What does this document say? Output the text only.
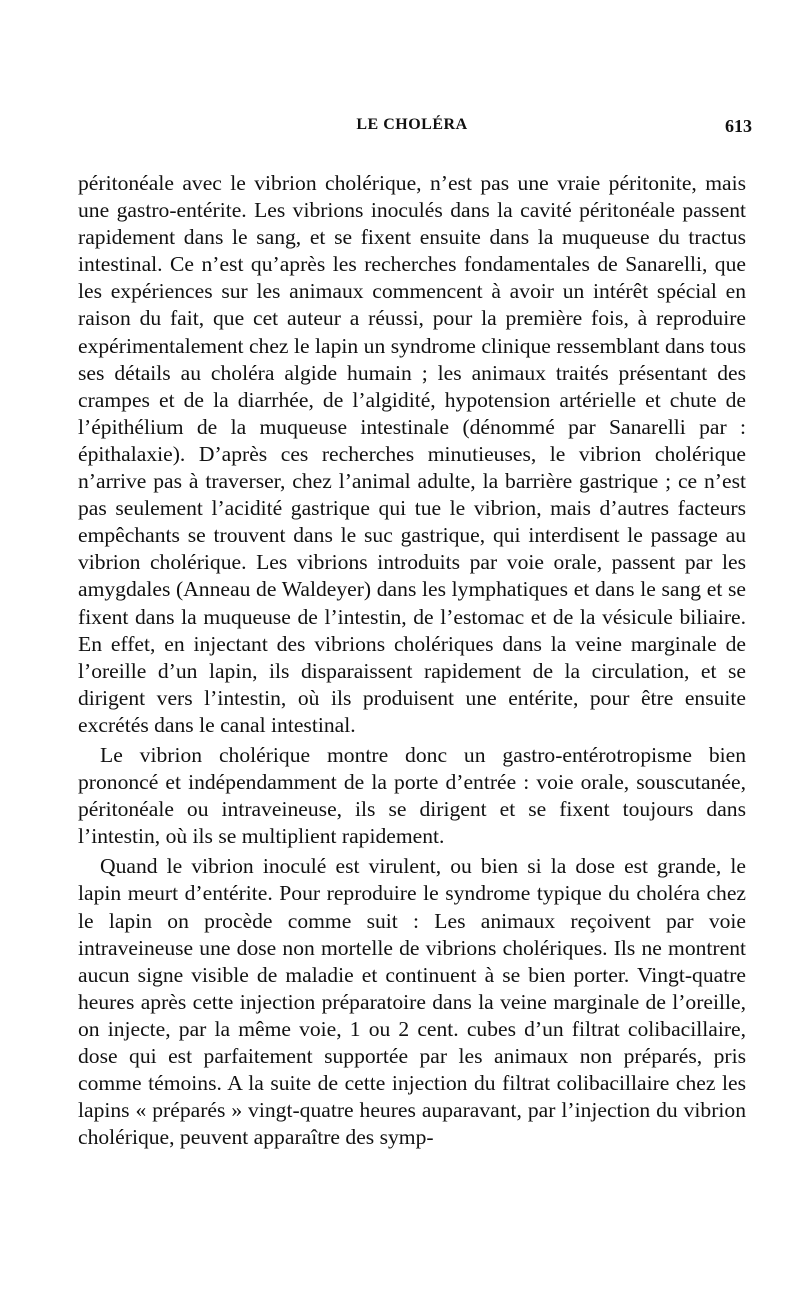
LE CHOLÉRA	613

péritonéale avec le vibrion cholérique, n’est pas une vraie péritonite, mais une gastro-entérite. Les vibrions inoculés dans la cavité péritonéale passent rapidement dans le sang, et se fixent ensuite dans la muqueuse du tractus intestinal. Ce n’est qu’après les recherches fondamentales de Sanarelli, que les expériences sur les animaux commencent à avoir un intérêt spécial en raison du fait, que cet auteur a réussi, pour la première fois, à reproduire expérimentalement chez le lapin un syndrome clinique ressemblant dans tous ses détails au choléra algide humain ; les animaux traités présentant des crampes et de la diarrhée, de l’algidité, hypotension artérielle et chute de l’épithélium de la muqueuse intestinale (dénommé par Sanarelli par : épithalaxie). D’après ces recherches minutieuses, le vibrion cholérique n’arrive pas à traverser, chez l’animal adulte, la barrière gastrique ; ce n’est pas seulement l’acidité gastrique qui tue le vibrion, mais d’autres facteurs empêchants se trouvent dans le suc gastrique, qui interdisent le passage au vibrion cholérique. Les vibrions introduits par voie orale, passent par les amygdales (Anneau de Waldeyer) dans les lymphatiques et dans le sang et se fixent dans la muqueuse de l’intestin, de l’estomac et de la vésicule biliaire. En effet, en injectant des vibrions cholériques dans la veine marginale de l’oreille d’un lapin, ils disparaissent rapidement de la circulation, et se dirigent vers l’intestin, où ils produisent une entérite, pour être ensuite excrétés dans le canal intestinal.

Le vibrion cholérique montre donc un gastro-entérotropisme bien prononcé et indépendamment de la porte d’entrée : voie orale, souscutanée, péritonéale ou intraveineuse, ils se dirigent et se fixent toujours dans l’intestin, où ils se multiplient rapidement.

Quand le vibrion inoculé est virulent, ou bien si la dose est grande, le lapin meurt d’entérite. Pour reproduire le syndrome typique du choléra chez le lapin on procède comme suit : Les animaux reçoivent par voie intraveineuse une dose non mortelle de vibrions cholériques. Ils ne montrent aucun signe visible de maladie et continuent à se bien porter. Vingt-quatre heures après cette injection préparatoire dans la veine marginale de l’oreille, on injecte, par la même voie, 1 ou 2 cent. cubes d’un filtrat colibacillaire, dose qui est parfaitement supportée par les animaux non préparés, pris comme témoins. A la suite de cette injection du filtrat colibacillaire chez les lapins « préparés » vingt-quatre heures auparavant, par l’injection du vibrion cholérique, peuvent apparaître des symp-
